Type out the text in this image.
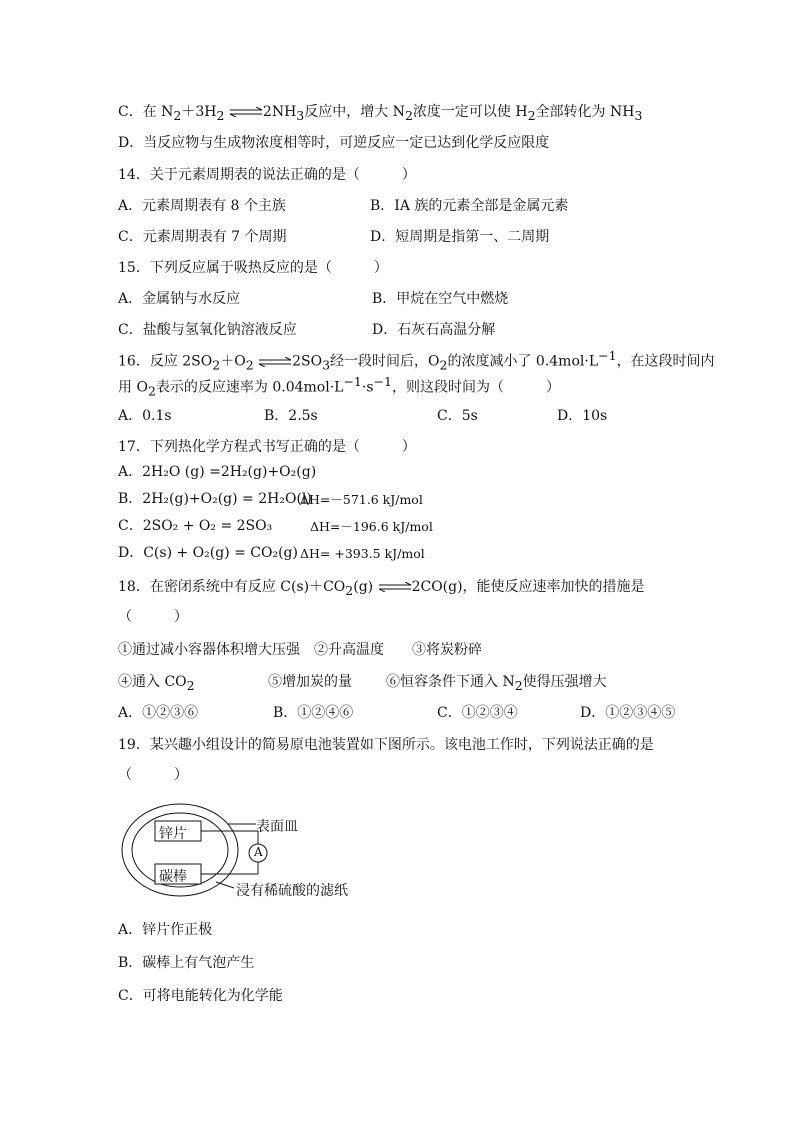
C．在 $N_2+3H_2$ $\rightleftharpoons 2NH_3$反应中，增大 $N_2$浓度一定可以使 $H_2$全部转化为 $NH_3$
D．当反应物与生成物浓度相等时，可逆反应一定已达到化学反应限度
14．关于元素周期表的说法正确的是（　　　）
A．元素周期表有 8 个主族	B．ⅠA 族的元素全部是金属元素
C．元素周期表有 7 个周期	D．短周期是指第一、二周期
15．下列反应属于吸热反应的是（　　　）
A．金属钠与水反应	B．甲烷在空气中燃烧
C．盐酸与氢氧化钠溶液反应	D．石灰石高温分解
16．反应 $2SO_2+O_2$ $\rightleftharpoons 2SO_3$经一段时间后，$O_2$的浓度减小了 $0.4mol\cdot L^{-1}$，在这段时间内
用 $O_2$表示的反应速率为 $0.04mol\cdot L^{-1}\cdot s^{-1}$，则这段时间为（　　　）
A．0.1s	B．2.5s	C．5s	D．10s
17．下列热化学方程式书写正确的是（　　　）
A．2H₂O (g) =2H₂(g)+O₂(g)
B．2H₂(g)+O₂(g) = 2H₂O(l)
ΔH=－571.6 kJ/mol
C．2SO₂ + O₂ = 2SO₃	ΔH=－196.6 kJ/mol
D．C(s) + O₂(g) = CO₂(g) ΔH= +393.5 kJ/mol
18．在密闭系统中有反应 $C(s)+CO_2(g)$ ⇌2CO(g)，能使反应速率加快的措施是
（　　　）
①通过减小容器体积增大压强　②升高温度　　③将炭粉碎
④通入 $CO_2$	⑤增加炭的量 ⑥恒容条件下通入 $N_2$使得压强增大
A．①②③⑥	B．①②④⑥	C．①②③④	D．①②③④⑤
19．某兴趣小组设计的简易原电池装置如下图所示。该电池工作时，下列说法正确的是
（　　　）
锌片
碳棒
A
表面皿
浸有稀硫酸的滤纸
A．锌片作正极
B．碳棒上有气泡产生
C．可将电能转化为化学能
